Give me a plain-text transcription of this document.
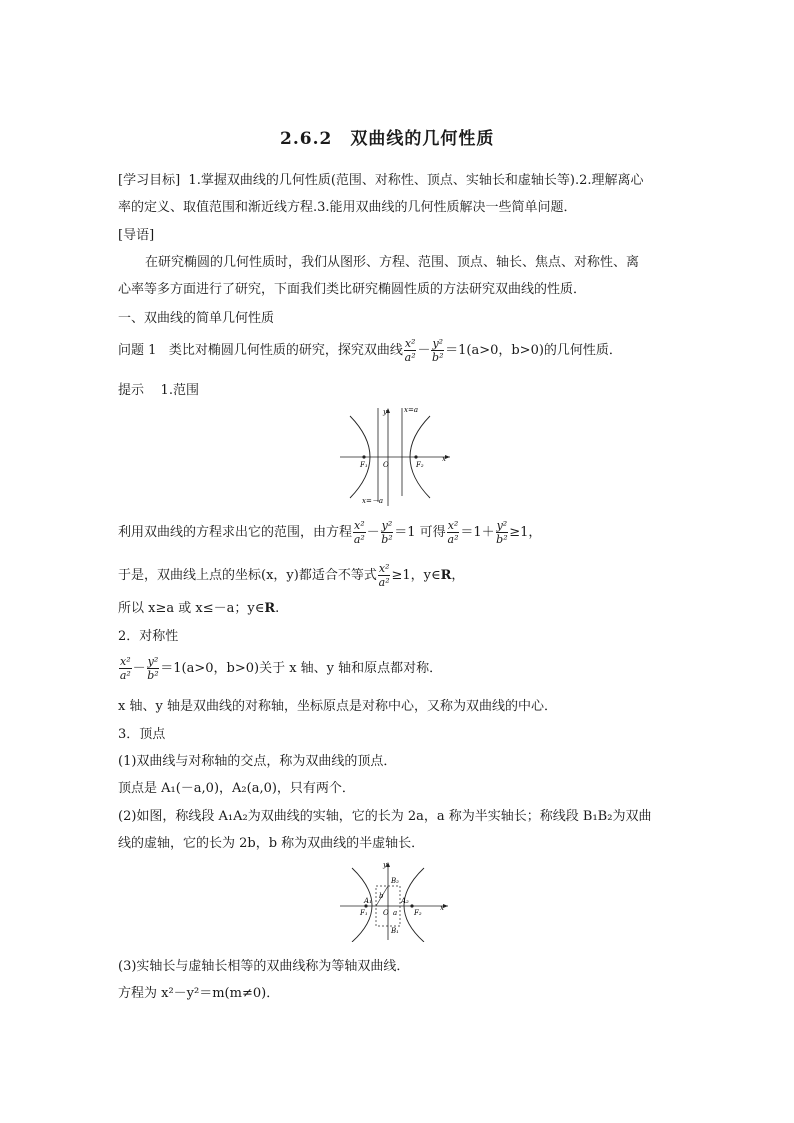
2.6.2　双曲线的几何性质
[学习目标] 1.掌握双曲线的几何性质(范围、对称性、顶点、实轴长和虚轴长等).2.理解离心
率的定义、取值范围和渐近线方程.3.能用双曲线的几何性质解决一些简单问题．
[导语]
在研究椭圆的几何性质时，我们从图形、方程、范围、顶点、轴长、焦点、对称性、离
心率等多方面进行了研究，下面我们类比研究椭圆性质的方法研究双曲线的性质．
一、双曲线的简单几何性质
问题 1 类比对椭圆几何性质的研究，探究双曲线 $\frac{\text{x²}}{\text{a²}} - \frac{\text{y²}}{\text{b²}} =1(a>0$，b>0)的几何性质．
提示 1.范围
y
x
O
F₁	F₂
x=a
x=－a
利用双曲线的方程求出它的范围，由方程 $\frac{\text{x²}}{\text{a²}} - \frac{\text{y²}}{\text{b²}} =1$ 可得 $\frac{\text{x²}}{\text{a²}} =1+ \frac{\text{y²}}{\text{b²}} \ge 1$，
于是，双曲线上点的坐标(x，y)都适合不等式 $\frac{\text{x²}}{\text{a²}} \ge 1$，y∈R，
所以 x≥a 或 x≤－a；y∈R.
2．对称性
$\frac{\text{x²}}{\text{a²}} - \frac{\text{y²}}{\text{b²}} =1(a>0$，b>0)关于 x 轴、y 轴和原点都对称．
x 轴、y 轴是双曲线的对称轴，坐标原点是对称中心，又称为双曲线的中心．
3．顶点
(1)双曲线与对称轴的交点，称为双曲线的顶点．
顶点是 A₁(－a,0)，A₂(a,0)，只有两个．
(2)如图，称线段 A₁A₂为双曲线的实轴，它的长为 2a，a 称为半实轴长；称线段 B₁B₂为双曲
线的虚轴，它的长为 2b，b 称为双曲线的半虚轴长．
y
x
O
F₁	F₂
A₁	A₂
B₂
B₁
b
a
(3)实轴长与虚轴长相等的双曲线称为等轴双曲线．
方程为 x²－y²＝m(m≠0)．
